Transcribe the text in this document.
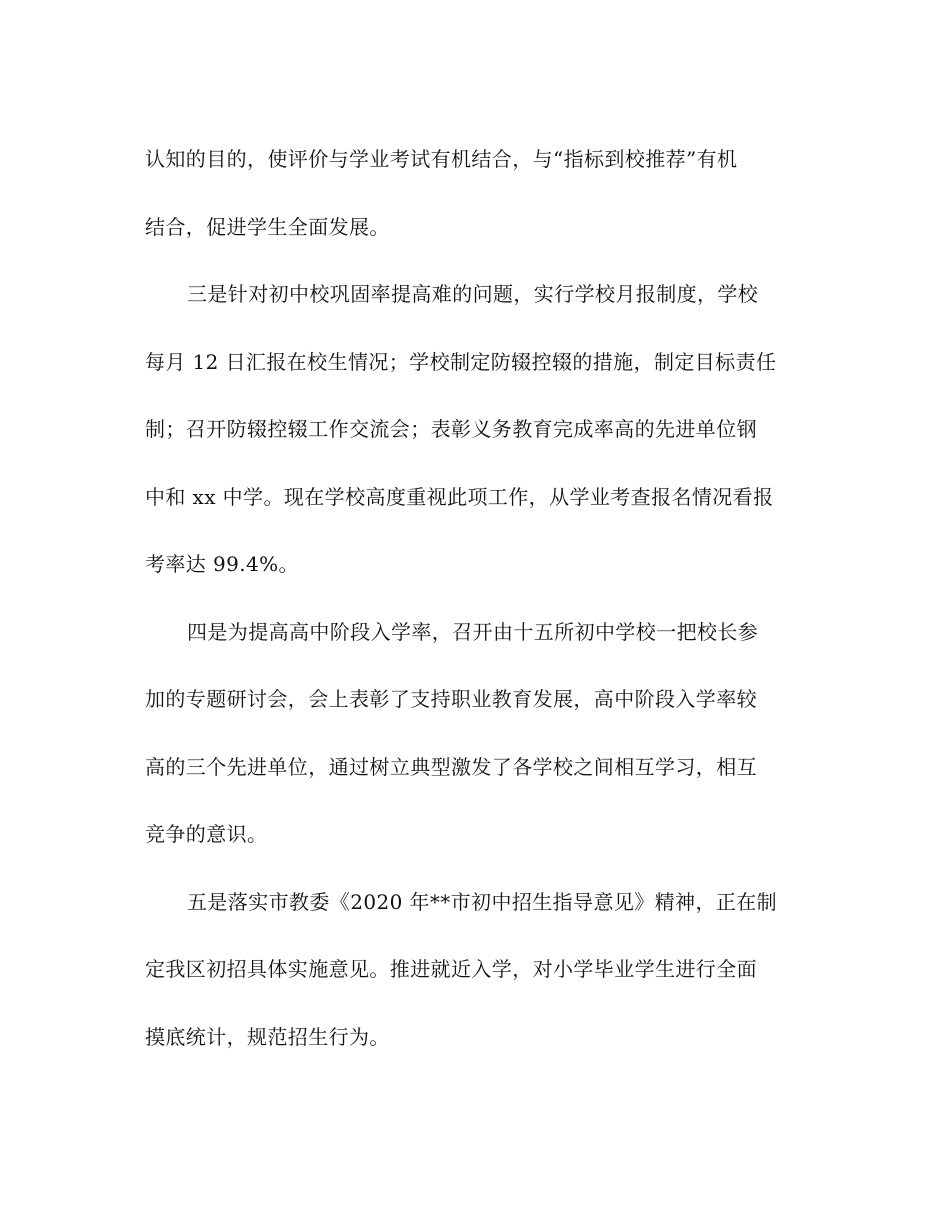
认知的目的，使评价与学业考试有机结合，与“指标到校推荐”有机
结合，促进学生全面发展。
三是针对初中校巩固率提高难的问题，实行学校月报制度，学校
每月 12 日汇报在校生情况；学校制定防辍控辍的措施，制定目标责任
制；召开防辍控辍工作交流会；表彰义务教育完成率高的先进单位钢
中和 xx 中学。现在学校高度重视此项工作，从学业考查报名情况看报
考率达 99.4%。
四是为提高高中阶段入学率，召开由十五所初中学校一把校长参
加的专题研讨会，会上表彰了支持职业教育发展，高中阶段入学率较
高的三个先进单位，通过树立典型激发了各学校之间相互学习，相互
竞争的意识。
五是落实市教委《2020 年**市初中招生指导意见》精神，正在制
定我区初招具体实施意见。推进就近入学，对小学毕业学生进行全面
摸底统计，规范招生行为。
